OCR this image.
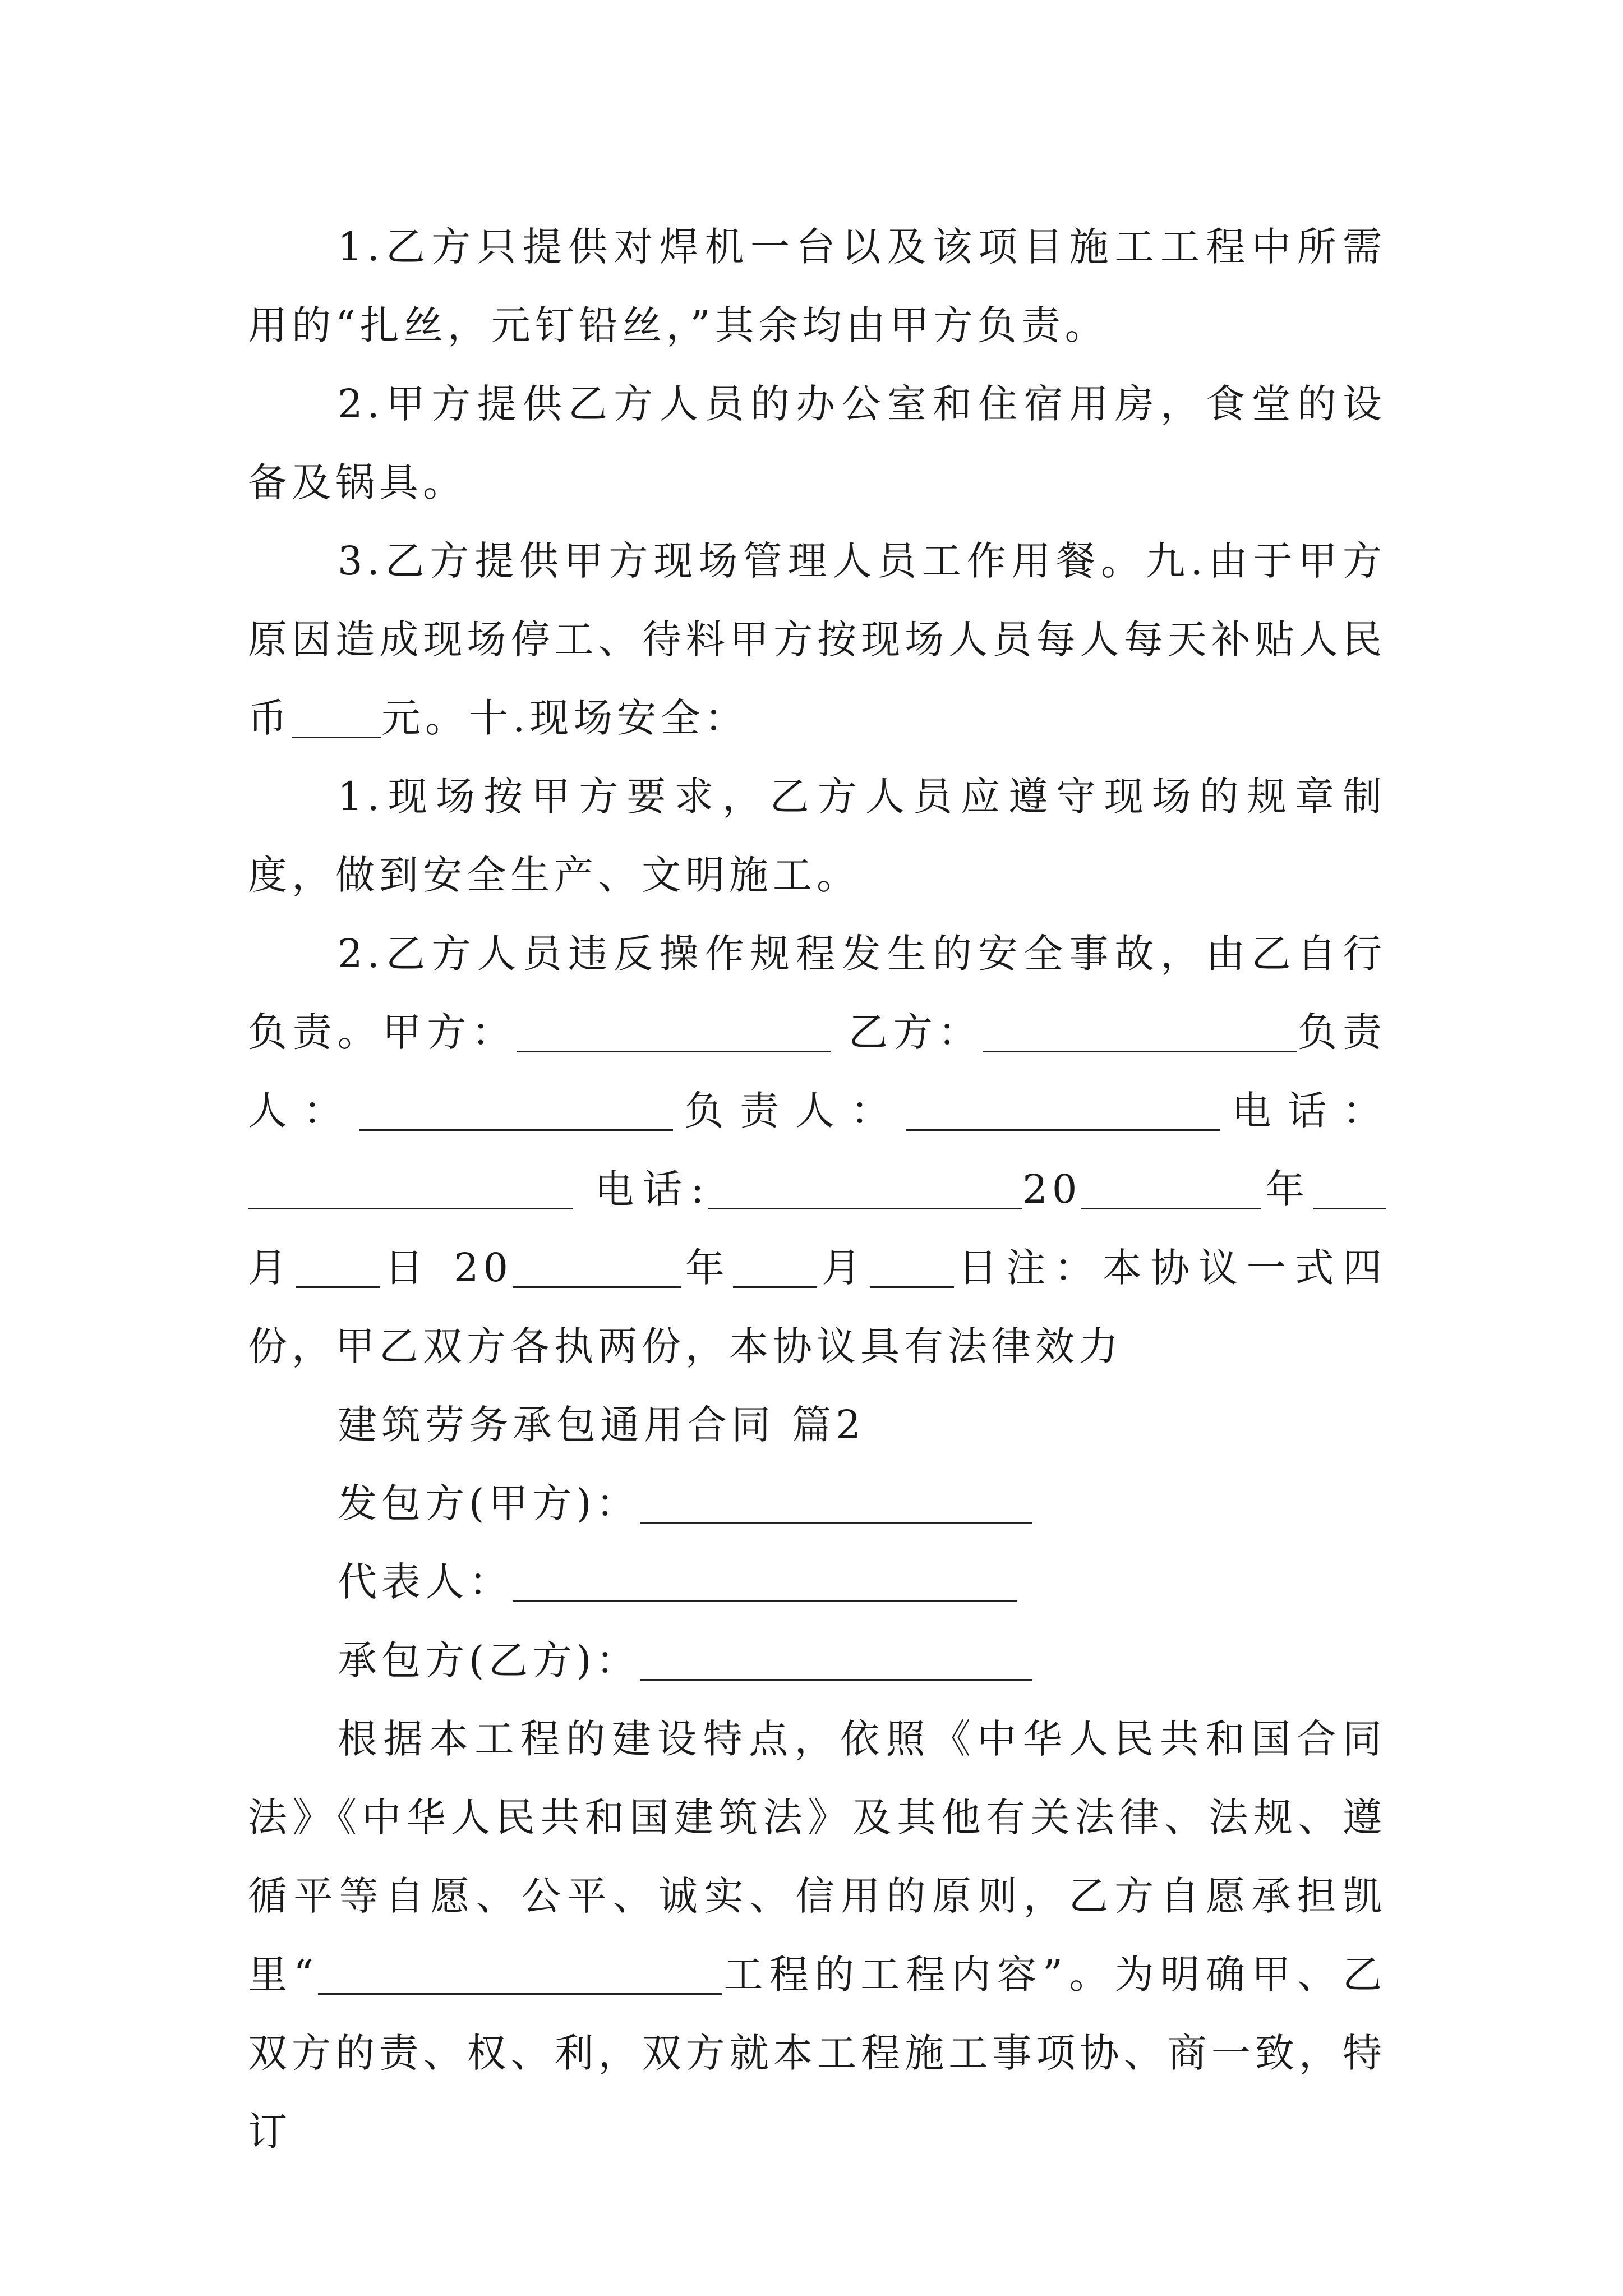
1.乙方只提供对焊机一台以及该项目施工工程中所需用的“扎丝，元钉铅丝，”其余均由甲方负责。

2.甲方提供乙方人员的办公室和住宿用房，食堂的设备及锅具。

3.乙方提供甲方现场管理人员工作用餐。九.由于甲方原因造成现场停工、待料甲方按现场人员每人每天补贴人民币 元。十.现场安全：

1.现场按甲方要求，乙方人员应遵守现场的规章制度，做到安全生产、文明施工。

2.乙方人员违反操作规程发生的安全事故，由乙自行负责。甲方：	乙方：	负责人：	负责人：	电话： 电话:	20	年月 日 20	年 月 日注：本协议一式四份，甲乙双方各执两份，本协议具有法律效力

建筑劳务承包通用合同 篇2

发包方(甲方)：

代表人：

承包方(乙方)：

根据本工程的建设特点，依照《中华人民共和国合同法》《中华人民共和国建筑法》及其他有关法律、法规、遵循平等自愿、公平、诚实、信用的原则，乙方自愿承担凯里“	工程的工程内容”。为明确甲、乙双方的责、权、利，双方就本工程施工事项协、商一致，特订
